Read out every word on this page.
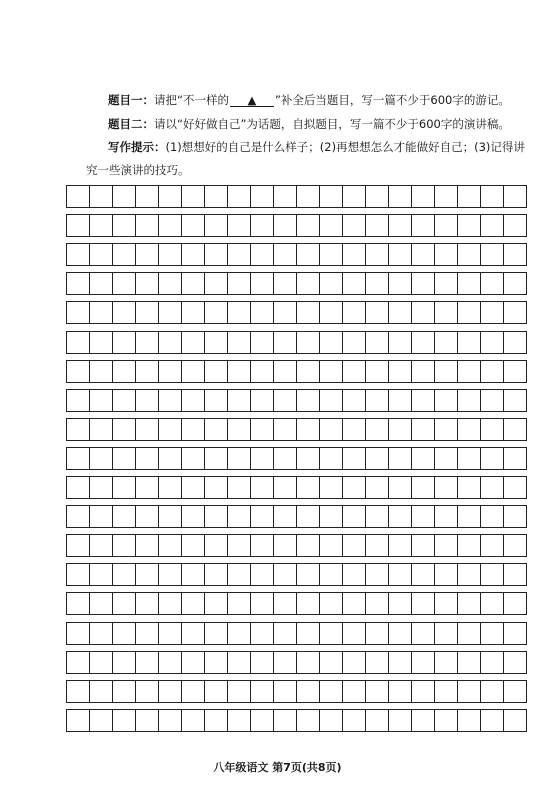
题目一：请把“不一样的 ▲ ”补全后当题目，写一篇不少于600字的游记。
题目二：请以“好好做自己”为话题，自拟题目，写一篇不少于600字的演讲稿。
写作提示：(1)想想好的自己是什么样子；(2)再想想怎么才能做好自己；(3)记得讲
究一些演讲的技巧。
八年级语文 第7页(共8页)
